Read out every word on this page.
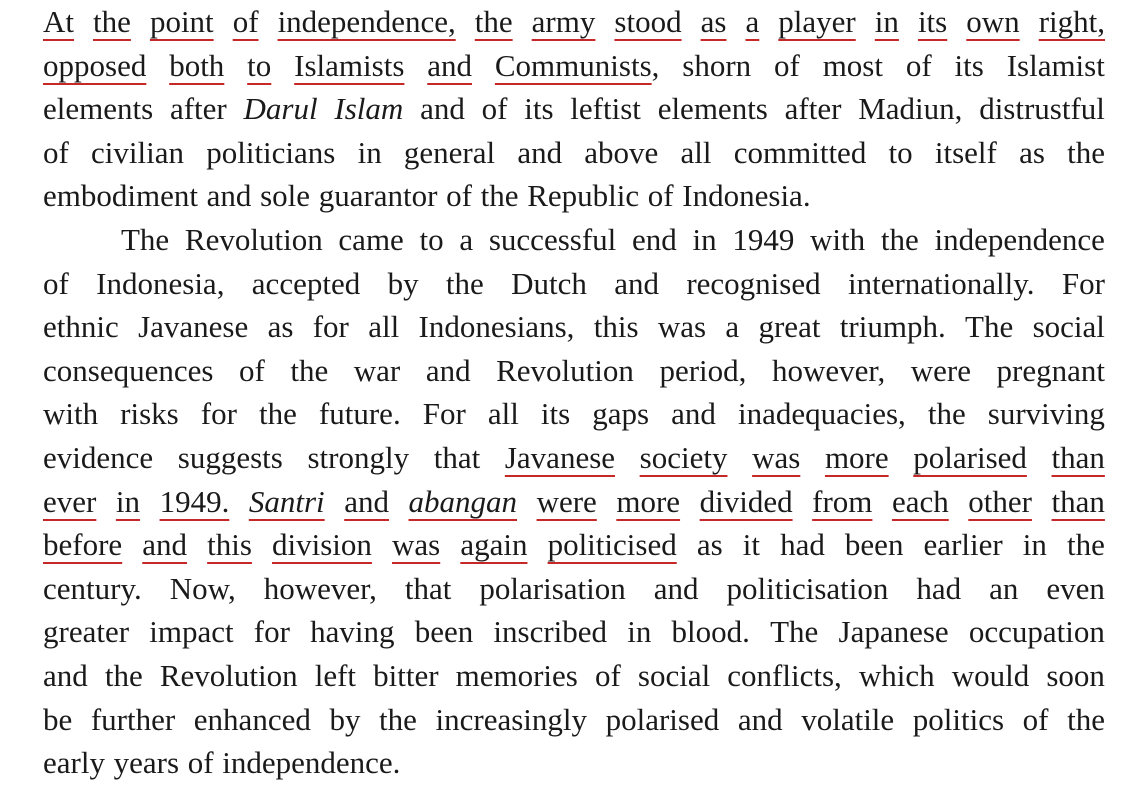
At the point of independence, the army stood as a player in its own right,
opposed both to Islamists and Communists, shorn of most of its Islamist
elements after Darul Islam and of its leftist elements after Madiun, distrustful
of civilian politicians in general and above all committed to itself as the
embodiment
and
sole
guarantor
of
the
Republic
of
Indonesia.
The Revolution came to a successful end in 1949 with the independence
of Indonesia, accepted by the Dutch and recognised internationally. For
ethnic Javanese as for all Indonesians, this was a great triumph. The social
consequences of the war and Revolution period, however, were pregnant
with risks for the future. For all its gaps and inadequacies, the surviving
evidence suggests strongly that Javanese society was more polarised than
ever in 1949. Santri and abangan were more divided from each other than
before and this division was again politicised as it had been earlier in the
century. Now, however, that polarisation and politicisation had an even
greater impact for having been inscribed in blood. The Japanese occupation
and the Revolution left bitter memories of social conflicts, which would soon
be further enhanced by the increasingly polarised and volatile politics of the
early
years
of
independence.
